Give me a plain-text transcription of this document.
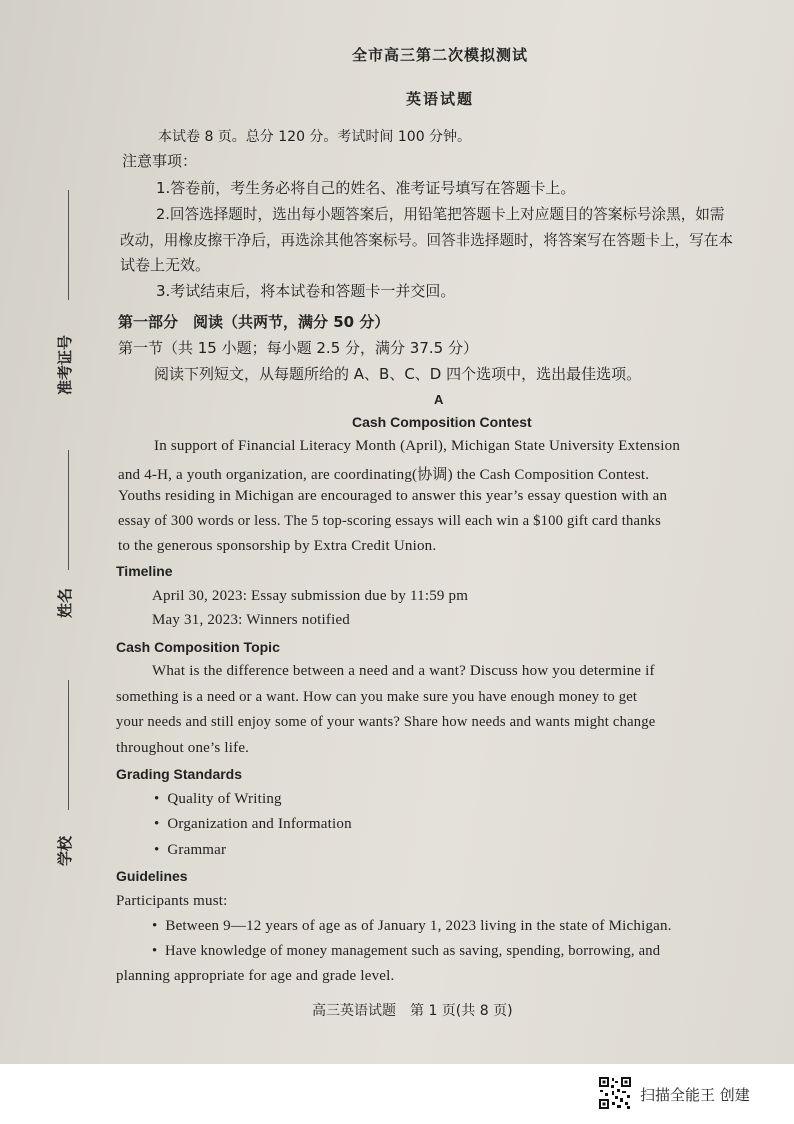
准考证号
姓名
学校
全市高三第二次模拟测试
英语试题
本试卷 8 页。总分 120 分。考试时间 100 分钟。
注意事项：
1.答卷前，考生务必将自己的姓名、准考证号填写在答题卡上。
2.回答选择题时，选出每小题答案后，用铅笔把答题卡上对应题目的答案标号涂黑，如需
改动，用橡皮擦干净后，再选涂其他答案标号。回答非选择题时，将答案写在答题卡上，写在本
试卷上无效。
3.考试结束后，将本试卷和答题卡一并交回。
第一部分　阅读（共两节，满分 50 分）
第一节（共 15 小题；每小题 2.5 分，满分 37.5 分）
阅读下列短文，从每题所给的 A、B、C、D 四个选项中，选出最佳选项。
A
Cash Composition Contest
In support of Financial Literacy Month (April), Michigan State University Extension
and 4-H, a youth organization, are coordinating(协调) the Cash Composition Contest.
Youths residing in Michigan are encouraged to answer this year’s essay question with an
essay of 300 words or less. The 5 top-scoring essays will each win a $100 gift card thanks
to the generous sponsorship by Extra Credit Union.
Timeline
April 30, 2023: Essay submission due by 11:59 pm
May 31, 2023: Winners notified
Cash Composition Topic
What is the difference between a need and a want? Discuss how you determine if
something is a need or a want. How can you make sure you have enough money to get
your needs and still enjoy some of your wants? Share how needs and wants might change
throughout one’s life.
Grading Standards
•  Quality of Writing
•  Organization and Information
•  Grammar
Guidelines
Participants must:
•  Between 9—12 years of age as of January 1, 2023 living in the state of Michigan.
•  Have knowledge of money management such as saving, spending, borrowing, and
planning appropriate for age and grade level.
高三英语试题　第 1 页(共 8 页)
扫描全能王 创建
